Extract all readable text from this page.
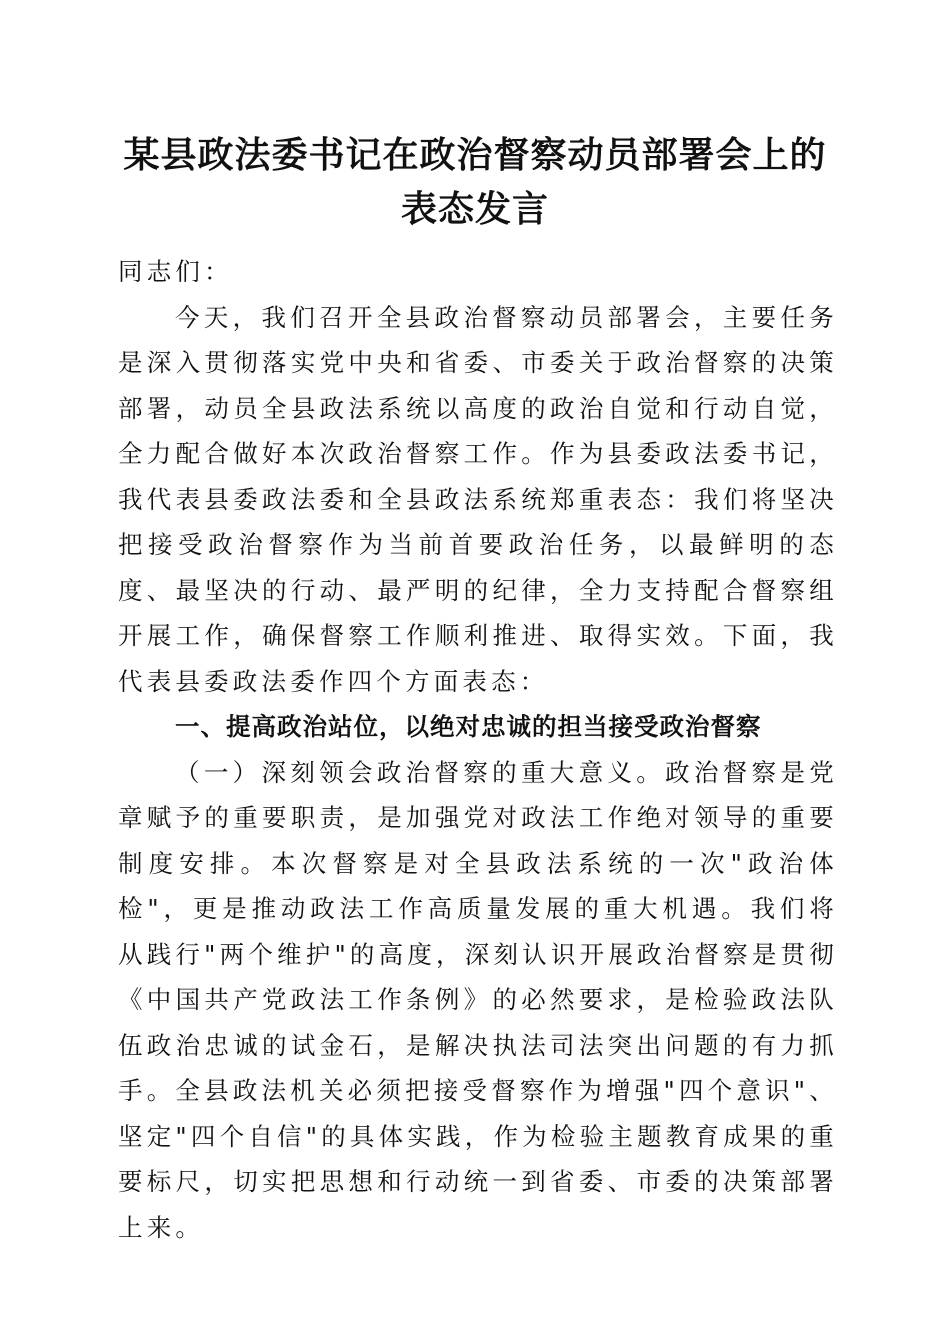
某县政法委书记在政治督察动员部署会上的表态发言

同志们：

今天，我们召开全县政治督察动员部署会，主要任务是深入贯彻落实党中央和省委、市委关于政治督察的决策部署，动员全县政法系统以高度的政治自觉和行动自觉，全力配合做好本次政治督察工作。作为县委政法委书记，我代表县委政法委和全县政法系统郑重表态：我们将坚决把接受政治督察作为当前首要政治任务，以最鲜明的态度、最坚决的行动、最严明的纪律，全力支持配合督察组开展工作，确保督察工作顺利推进、取得实效。下面，我代表县委政法委作四个方面表态：

一、提高政治站位，以绝对忠诚的担当接受政治督察

（一）深刻领会政治督察的重大意义。政治督察是党章赋予的重要职责，是加强党对政法工作绝对领导的重要制度安排。本次督察是对全县政法系统的一次"政治体检"，更是推动政法工作高质量发展的重大机遇。我们将从践行"两个维护"的高度，深刻认识开展政治督察是贯彻《中国共产党政法工作条例》的必然要求，是检验政法队伍政治忠诚的试金石，是解决执法司法突出问题的有力抓手。全县政法机关必须把接受督察作为增强"四个意识"、坚定"四个自信"的具体实践，作为检验主题教育成果的重要标尺，切实把思想和行动统一到省委、市委的决策部署上来。
